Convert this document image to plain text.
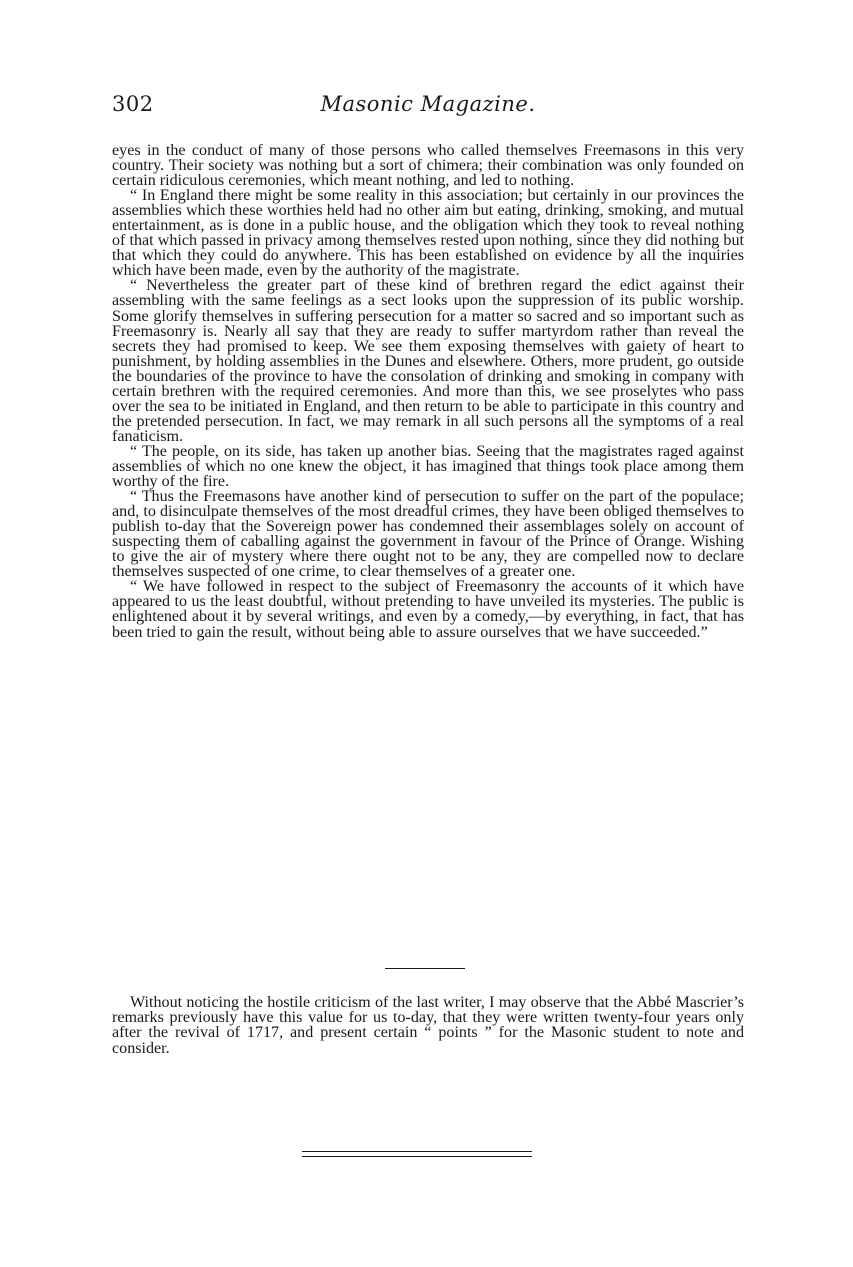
302	Masonic Magazine.

eyes in the conduct of many of those persons who called themselves Freemasons in this very country. Their society was nothing but a sort of chimera; their combination was only founded on certain ridiculous ceremonies, which meant nothing, and led to nothing.

“ In England there might be some reality in this association; but certainly in our provinces the assemblies which these worthies held had no other aim but eating, drinking, smoking, and mutual entertainment, as is done in a public house, and the obligation which they took to reveal nothing of that which passed in privacy among themselves rested upon nothing, since they did nothing but that which they could do anywhere. This has been established on evidence by all the inquiries which have been made, even by the authority of the magistrate.

“ Nevertheless the greater part of these kind of brethren regard the edict against their assembling with the same feelings as a sect looks upon the suppression of its public worship. Some glorify themselves in suffering persecution for a matter so sacred and so important such as Freemasonry is. Nearly all say that they are ready to suffer martyrdom rather than reveal the secrets they had promised to keep. We see them exposing themselves with gaiety of heart to punishment, by holding assemblies in the Dunes and elsewhere. Others, more prudent, go outside the boundaries of the province to have the consolation of drinking and smoking in company with certain brethren with the required ceremonies. And more than this, we see proselytes who pass over the sea to be initiated in England, and then return to be able to participate in this country and the pretended persecution. In fact, we may remark in all such persons all the symptoms of a real fanaticism.

“ The people, on its side, has taken up another bias. Seeing that the magistrates raged against assemblies of which no one knew the object, it has imagined that things took place among them worthy of the fire.

“ Thus the Freemasons have another kind of persecution to suffer on the part of the populace; and, to disinculpate themselves of the most dreadful crimes, they have been obliged themselves to publish to-day that the Sovereign power has condemned their assemblages solely on account of suspecting them of caballing against the government in favour of the Prince of Orange. Wishing to give the air of mystery where there ought not to be any, they are compelled now to declare themselves suspected of one crime, to clear themselves of a greater one.

“ We have followed in respect to the subject of Freemasonry the accounts of it which have appeared to us the least doubtful, without pretending to have unveiled its mysteries. The public is enlightened about it by several writings, and even by a comedy,—by everything, in fact, that has been tried to gain the result, without being able to assure ourselves that we have succeeded.”

Without noticing the hostile criticism of the last writer, I may observe that the Abbé Mascrier’s remarks previously have this value for us to-day, that they were written twenty-four years only after the revival of 1717, and present certain “ points ” for the Masonic student to note and consider.
